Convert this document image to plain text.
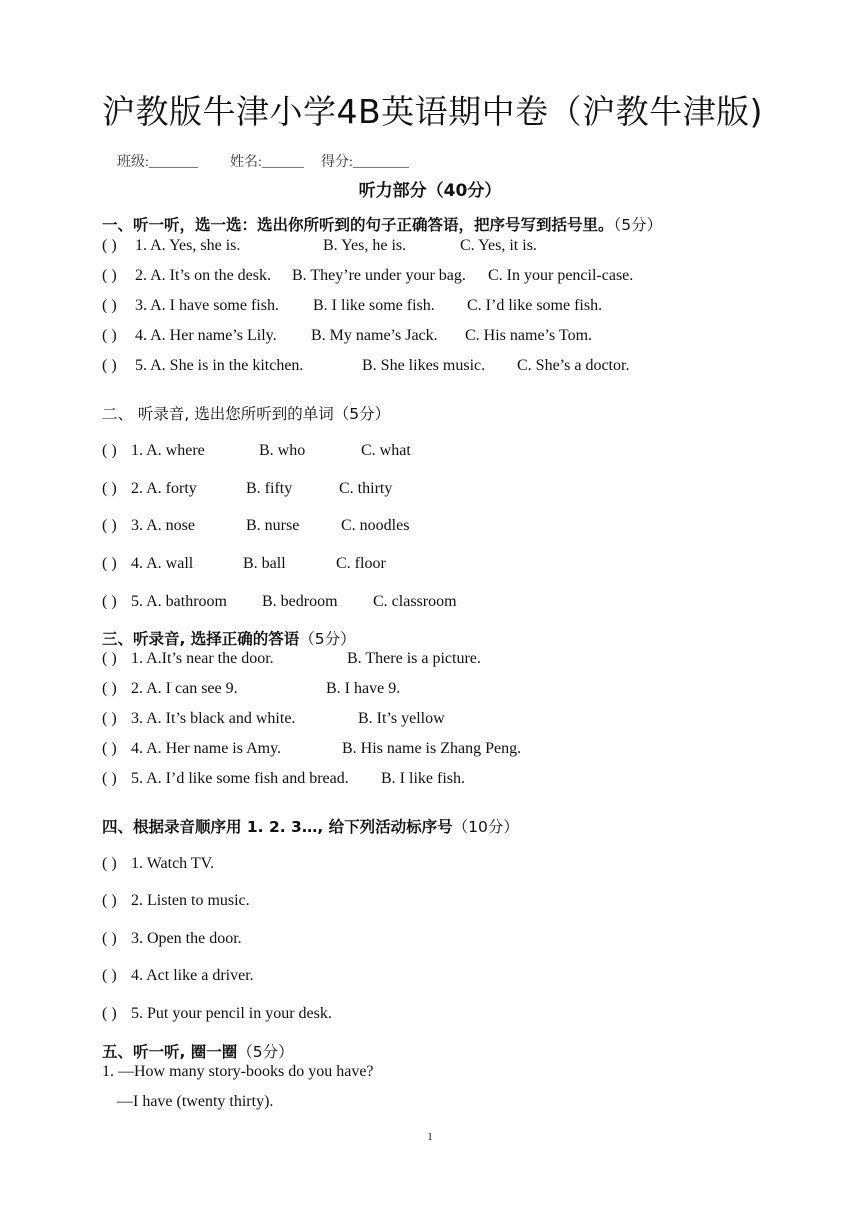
沪教版牛津小学4B英语期中卷（沪教牛津版)
班级:_______ 姓名:______ 得分:________
听力部分（40分）
一、听一听，选一选：选出你所听到的句子正确答语，把序号写到括号里。（5分）
( ) 1. A. Yes, she is.	B. Yes, he is.	C. Yes, it is.
( ) 2. A. It’s on the desk. B. They’re under your bag. C. In your pencil-case.
( ) 3. A. I have some fish. B. I like some fish. C. I’d like some fish.
( ) 4. A. Her name’s Lily. B. My name’s Jack. C. His name’s Tom.
( ) 5. A. She is in the kitchen.	B. She likes music. C. She’s a doctor.
二、 听录音, 选出您所听到的单词（5分）
( ) 1. A. where	B. who	C. what
( ) 2. A. forty	B. fifty	C. thirty
( ) 3. A. nose	B. nurse	C. noodles
( ) 4. A. wall	B. ball	C. floor
( ) 5. A. bathroom B. bedroom C. classroom
三、听录音, 选择正确的答语（5分）
( ) 1. A.It’s near the door.	B. There is a picture.
( ) 2. A. I can see 9.	B. I have 9.
( ) 3. A. It’s black and white.	B. It’s yellow
( ) 4. A. Her name is Amy.	B. His name is Zhang Peng.
( ) 5. A. I’d like some fish and bread. B. I like fish.
四、根据录音顺序用 1. 2. 3…, 给下列活动标序号（10分）
( ) 1. Watch TV.
( ) 2. Listen to music.
( ) 3. Open the door.
( ) 4. Act like a driver.
( ) 5. Put your pencil in your desk.
五、听一听, 圈一圈（5分）
1. —How many story-books do you have?
—I have (twenty thirty).
1
